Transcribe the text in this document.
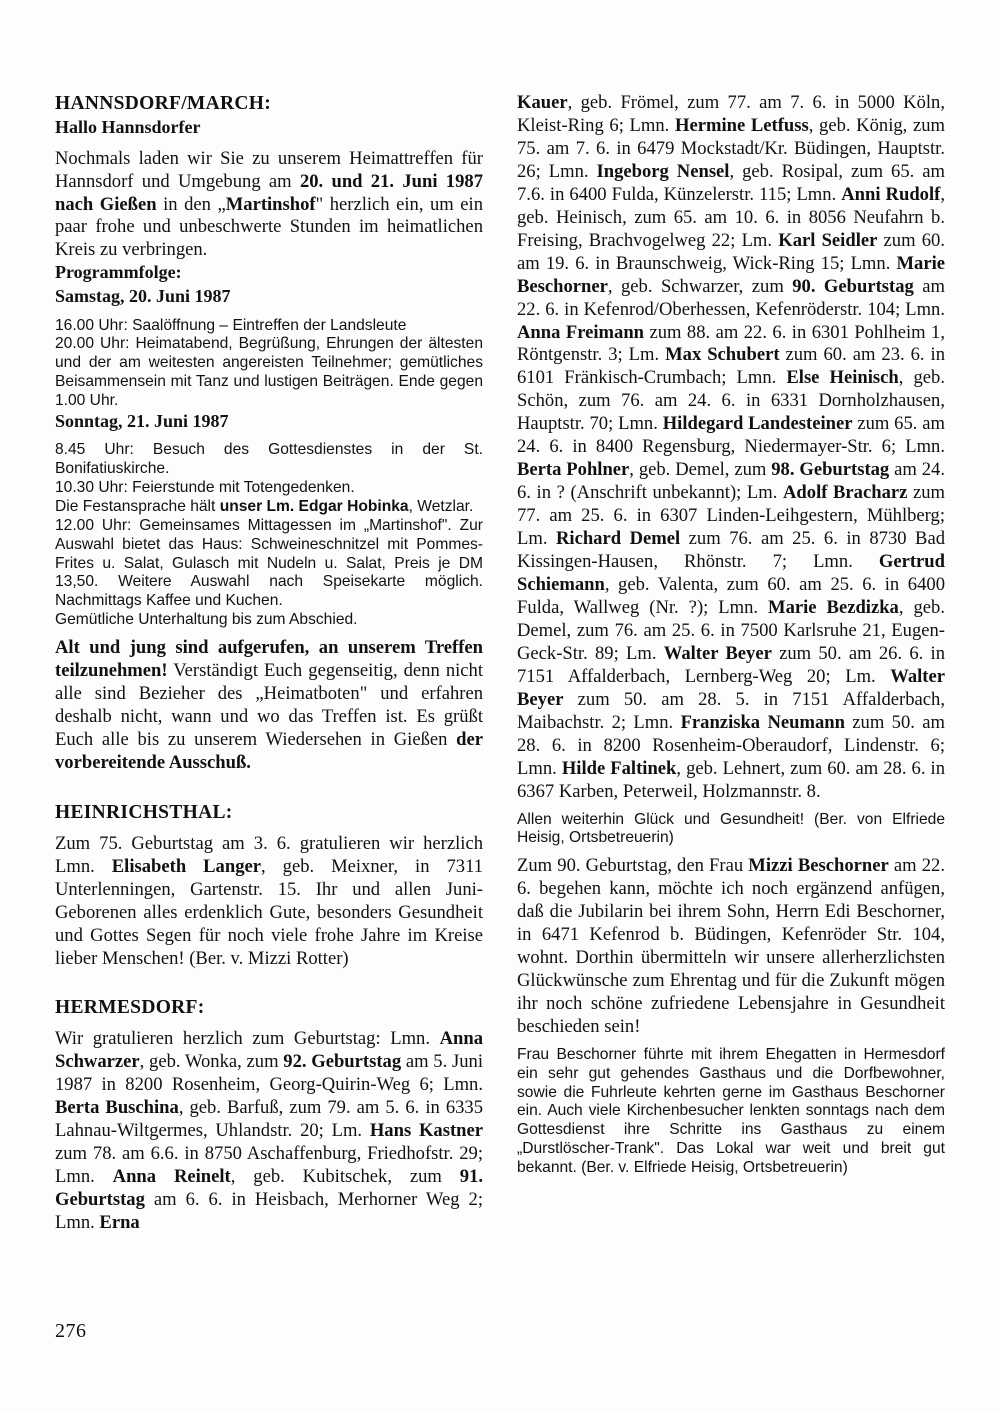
HANNSDORF/MARCH:
Hallo Hannsdorfer
Nochmals laden wir Sie zu unserem Heimattreffen für Hannsdorf und Umgebung am 20. und 21. Juni 1987 nach Gießen in den „Martinshof" herzlich ein, um ein paar frohe und unbeschwerte Stunden im heimatlichen Kreis zu verbringen.
Programmfolge:
Samstag, 20. Juni 1987
16.00 Uhr: Saalöffnung – Eintreffen der Landsleute
20.00 Uhr: Heimatabend, Begrüßung, Ehrungen der ältesten und der am weitesten angereisten Teilnehmer; gemütliches Beisammensein mit Tanz und lustigen Beiträgen. Ende gegen 1.00 Uhr.
Sonntag, 21. Juni 1987
8.45 Uhr: Besuch des Gottesdienstes in der St. Bonifatiuskirche.
10.30 Uhr: Feierstunde mit Totengedenken.
Die Festansprache hält unser Lm. Edgar Hobinka, Wetzlar.
12.00 Uhr: Gemeinsames Mittagessen im „Martinshof". Zur Auswahl bietet das Haus: Schweineschnitzel mit Pommes-Frites u. Salat, Gulasch mit Nudeln u. Salat, Preis je DM 13,50. Weitere Auswahl nach Speisekarte möglich. Nachmittags Kaffee und Kuchen.
Gemütliche Unterhaltung bis zum Abschied.
Alt und jung sind aufgerufen, an unserem Treffen teilzunehmen! Verständigt Euch gegenseitig, denn nicht alle sind Bezieher des „Heimatboten" und erfahren deshalb nicht, wann und wo das Treffen ist. Es grüßt Euch alle bis zu unserem Wiedersehen in Gießen der vorbereitende Ausschuß.
HEINRICHSTHAL:
Zum 75. Geburtstag am 3. 6. gratulieren wir herzlich Lmn. Elisabeth Langer, geb. Meixner, in 7311 Unterlenningen, Gartenstr. 15. Ihr und allen Juni-Geborenen alles erdenklich Gute, besonders Gesundheit und Gottes Segen für noch viele frohe Jahre im Kreise lieber Menschen! (Ber. v. Mizzi Rotter)
HERMESDORF:
Wir gratulieren herzlich zum Geburtstag: Lmn. Anna Schwarzer, geb. Wonka, zum 92. Geburtstag am 5. Juni 1987 in 8200 Rosenheim, Georg-Quirin-Weg 6; Lmn. Berta Buschina, geb. Barfuß, zum 79. am 5. 6. in 6335 Lahnau-Wiltgermes, Uhlandstr. 20; Lm. Hans Kastner zum 78. am 6.6. in 8750 Aschaffenburg, Friedhofstr. 29; Lmn. Anna Reinelt, geb. Kubitschek, zum 91. Geburtstag am 6. 6. in Heisbach, Merhorner Weg 2; Lmn. Erna
Kauer, geb. Frömel, zum 77. am 7. 6. in 5000 Köln, Kleist-Ring 6; Lmn. Hermine Letfuss, geb. König, zum 75. am 7. 6. in 6479 Mockstadt/Kr. Büdingen, Hauptstr. 26; Lmn. Ingeborg Nensel, geb. Rosipal, zum 65. am 7.6. in 6400 Fulda, Künzelerstr. 115; Lmn. Anni Rudolf, geb. Heinisch, zum 65. am 10. 6. in 8056 Neufahrn b. Freising, Brachvogelweg 22; Lm. Karl Seidler zum 60. am 19. 6. in Braunschweig, Wick-Ring 15; Lmn. Marie Beschorner, geb. Schwarzer, zum 90. Geburtstag am 22. 6. in Kefenrod/Oberhessen, Kefenröderstr. 104; Lmn. Anna Freimann zum 88. am 22. 6. in 6301 Pohlheim 1, Röntgenstr. 3; Lm. Max Schubert zum 60. am 23. 6. in 6101 Fränkisch-Crumbach; Lmn. Else Heinisch, geb. Schön, zum 76. am 24. 6. in 6331 Dornholzhausen, Hauptstr. 70; Lmn. Hildegard Landesteiner zum 65. am 24. 6. in 8400 Regensburg, Niedermayer-Str. 6; Lmn. Berta Pohlner, geb. Demel, zum 98. Geburtstag am 24. 6. in ? (Anschrift unbekannt); Lm. Adolf Bracharz zum 77. am 25. 6. in 6307 Linden-Leihgestern, Mühlberg; Lm. Richard Demel zum 76. am 25. 6. in 8730 Bad Kissingen-Hausen, Rhönstr. 7; Lmn. Gertrud Schiemann, geb. Valenta, zum 60. am 25. 6. in 6400 Fulda, Wallweg (Nr. ?); Lmn. Marie Bezdizka, geb. Demel, zum 76. am 25. 6. in 7500 Karlsruhe 21, Eugen-Geck-Str. 89; Lm. Walter Beyer zum 50. am 26. 6. in 7151 Affalderbach, Lernberg-Weg 20; Lm. Walter Beyer zum 50. am 28. 5. in 7151 Affalderbach, Maibachstr. 2; Lmn. Franziska Neumann zum 50. am 28. 6. in 8200 Rosenheim-Oberaudorf, Lindenstr. 6; Lmn. Hilde Faltinek, geb. Lehnert, zum 60. am 28. 6. in 6367 Karben, Peterweil, Holzmannstr. 8.
Allen weiterhin Glück und Gesundheit! (Ber. von Elfriede Heisig, Ortsbetreuerin)
Zum 90. Geburtstag, den Frau Mizzi Beschorner am 22. 6. begehen kann, möchte ich noch ergänzend anfügen, daß die Jubilarin bei ihrem Sohn, Herrn Edi Beschorner, in 6471 Kefenrod b. Büdingen, Kefenröder Str. 104, wohnt. Dorthin übermitteln wir unsere allerherzlichsten Glückwünsche zum Ehrentag und für die Zukunft mögen ihr noch schöne zufriedene Lebensjahre in Gesundheit beschieden sein!
Frau Beschorner führte mit ihrem Ehegatten in Hermesdorf ein sehr gut gehendes Gasthaus und die Dorfbewohner, sowie die Fuhrleute kehrten gerne im Gasthaus Beschorner ein. Auch viele Kirchenbesucher lenkten sonntags nach dem Gottesdienst ihre Schritte ins Gasthaus zu einem „Durstlöscher-Trank". Das Lokal war weit und breit gut bekannt. (Ber. v. Elfriede Heisig, Ortsbetreuerin)
276
